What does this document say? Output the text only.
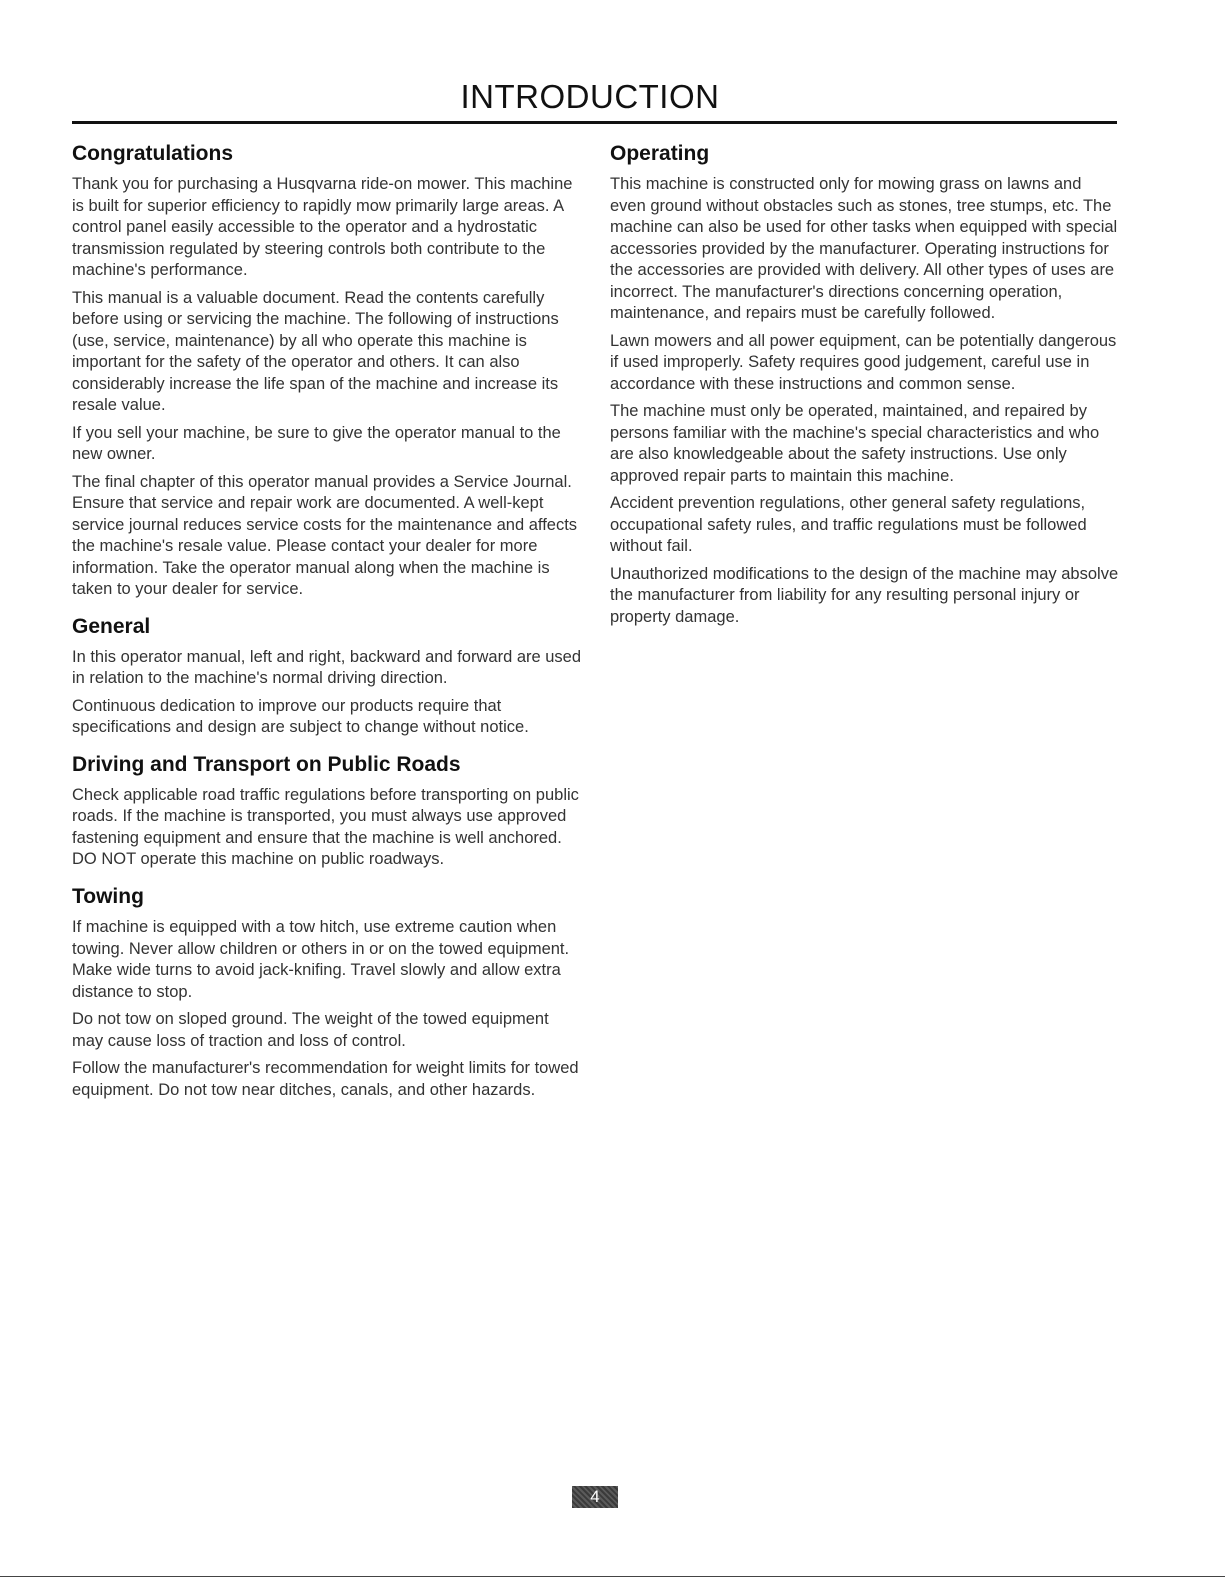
INTRODUCTION
Congratulations

Thank you for purchasing a Husqvarna ride-on mower. This machine is built for superior efficiency to rapidly mow primarily large areas. A control panel easily accessible to the operator and a hydrostatic transmission regulated by steering controls both contribute to the machine's performance.

This manual is a valuable document. Read the contents carefully before using or servicing the machine. The following of instructions (use, service, maintenance) by all who operate this machine is important for the safety of the operator and others. It can also considerably increase the life span of the machine and increase its resale value.

If you sell your machine, be sure to give the operator manual to the new owner.

The final chapter of this operator manual provides a Service Journal. Ensure that service and repair work are documented. A well-kept service journal reduces service costs for the maintenance and affects the machine's resale value. Please contact your dealer for more information. Take the operator manual along when the machine is taken to your dealer for service.

General

In this operator manual, left and right, backward and forward are used in relation to the machine's normal driving direction.

Continuous dedication to improve our products require that specifications and design are subject to change without notice.

Driving and Transport on Public Roads

Check applicable road traffic regulations before transporting on public roads. If the machine is transported, you must always use approved fastening equipment and ensure that the machine is well anchored. DO NOT operate this machine on public roadways.

Towing

If machine is equipped with a tow hitch, use extreme caution when towing. Never allow children or others in or on the towed equipment. Make wide turns to avoid jack-knifing. Travel slowly and allow extra distance to stop.

Do not tow on sloped ground. The weight of the towed equipment may cause loss of traction and loss of control.

Follow the manufacturer's recommendation for weight limits for towed equipment. Do not tow near ditches, canals, and other hazards.

Operating

This machine is constructed only for mowing grass on lawns and even ground without obstacles such as stones, tree stumps, etc. The machine can also be used for other tasks when equipped with special accessories provided by the manufacturer. Operating instructions for the accessories are provided with delivery. All other types of uses are incorrect. The manufacturer's directions concerning operation, maintenance, and repairs must be carefully followed.

Lawn mowers and all power equipment, can be potentially dangerous if used improperly. Safety requires good judgement, careful use in accordance with these instructions and common sense.

The machine must only be operated, maintained, and repaired by persons familiar with the machine's special characteristics and who are also knowledgeable about the safety instructions. Use only approved repair parts to maintain this machine.

Accident prevention regulations, other general safety regulations, occupational safety rules, and traffic regulations must be followed without fail.

Unauthorized modifications to the design of the machine may absolve the manufacturer from liability for any resulting personal injury or property damage.

4
